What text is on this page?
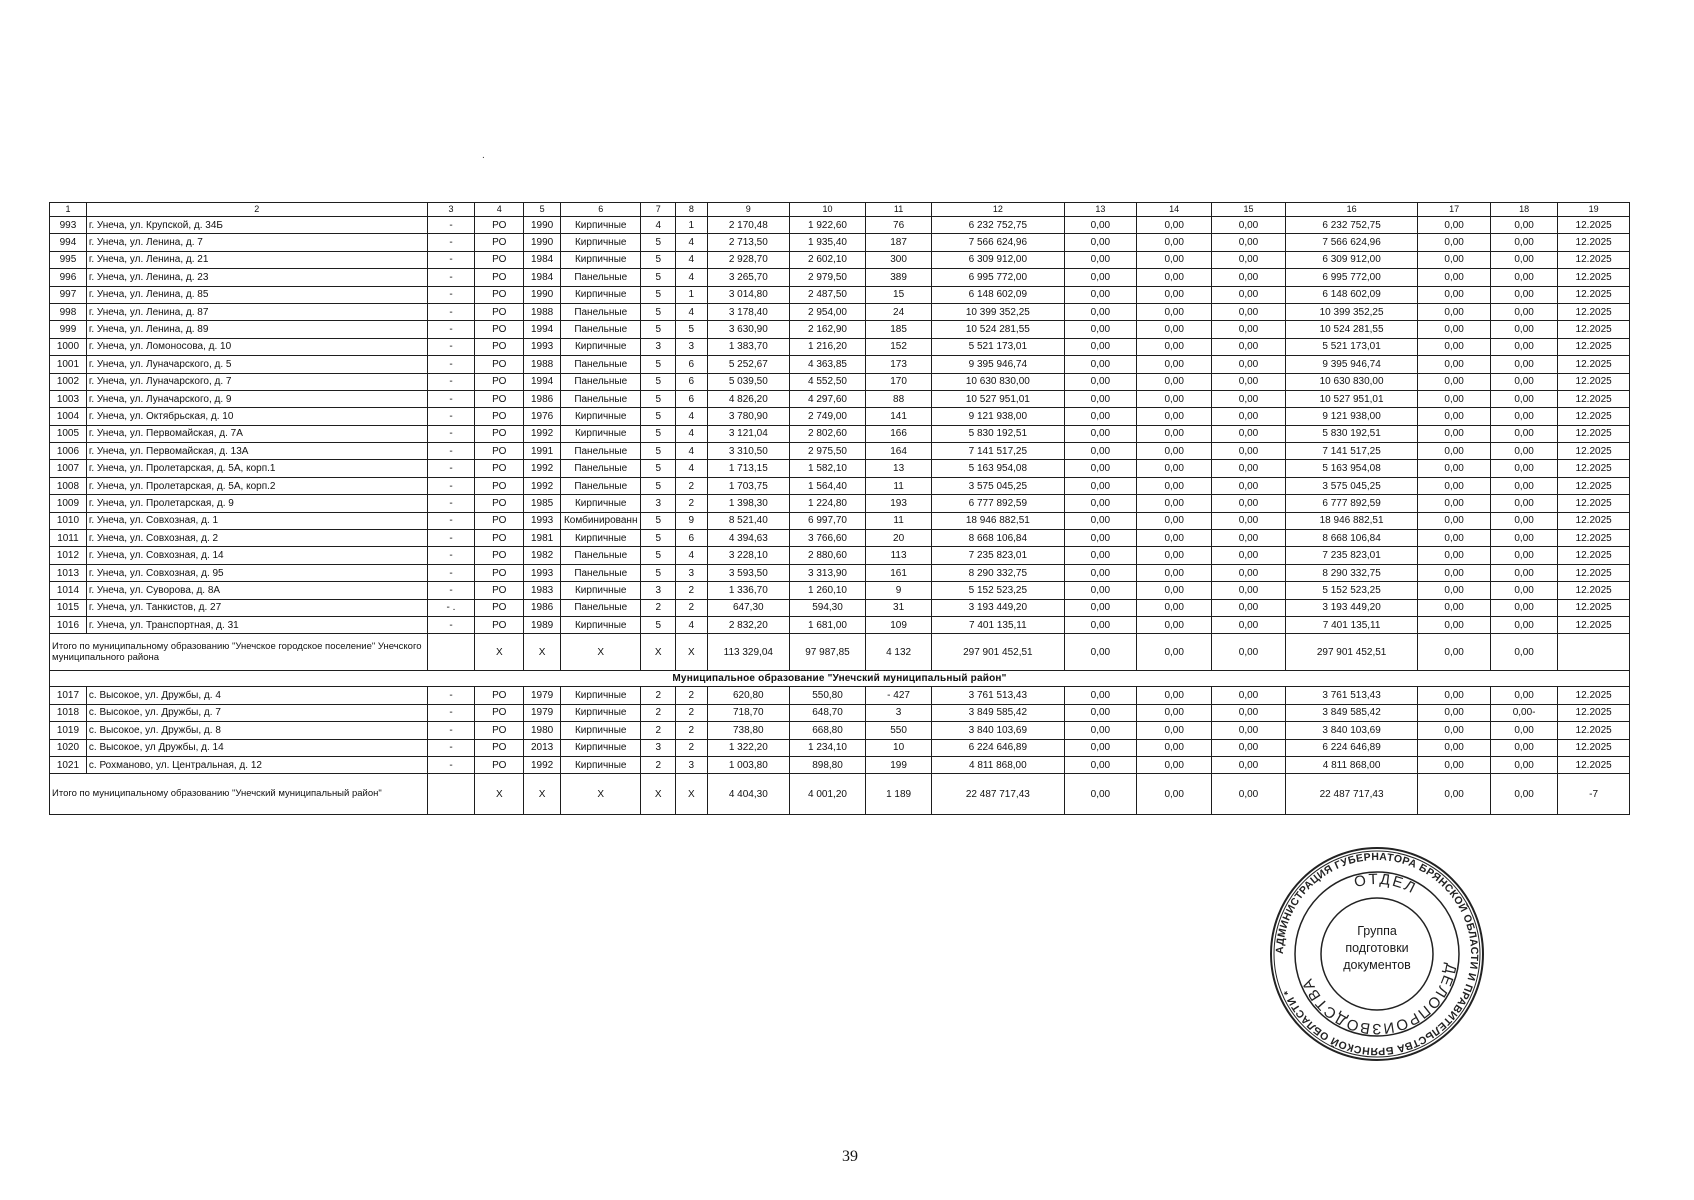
.
1	2	3	4	5	6	7	8	9	10	11	12	13	14	15	16	17	18	19
993	г. Унеча, ул. Крупской, д. 34Б	-	РО	1990	Кирпичные	4	1	2 170,48	1 922,60	76	6 232 752,75	0,00	0,00	0,00	6 232 752,75	0,00	0,00	12.2025
994	г. Унеча, ул. Ленина, д. 7	-	РО	1990	Кирпичные	5	4	2 713,50	1 935,40	187	7 566 624,96	0,00	0,00	0,00	7 566 624,96	0,00	0,00	12.2025
995	г. Унеча, ул. Ленина, д. 21	-	РО	1984	Кирпичные	5	4	2 928,70	2 602,10	300	6 309 912,00	0,00	0,00	0,00	6 309 912,00	0,00	0,00	12.2025
996	г. Унеча, ул. Ленина, д. 23	-	РО	1984	Панельные	5	4	3 265,70	2 979,50	389	6 995 772,00	0,00	0,00	0,00	6 995 772,00	0,00	0,00	12.2025
997	г. Унеча, ул. Ленина, д. 85	-	РО	1990	Кирпичные	5	1	3 014,80	2 487,50	15	6 148 602,09	0,00	0,00	0,00	6 148 602,09	0,00	0,00	12.2025
998	г. Унеча, ул. Ленина, д. 87	-	РО	1988	Панельные	5	4	3 178,40	2 954,00	24	10 399 352,25	0,00	0,00	0,00	10 399 352,25	0,00	0,00	12.2025
999	г. Унеча, ул. Ленина, д. 89	-	РО	1994	Панельные	5	5	3 630,90	2 162,90	185	10 524 281,55	0,00	0,00	0,00	10 524 281,55	0,00	0,00	12.2025
1000	г. Унеча, ул. Ломоносова, д. 10	-	РО	1993	Кирпичные	3	3	1 383,70	1 216,20	152	5 521 173,01	0,00	0,00	0,00	5 521 173,01	0,00	0,00	12.2025
1001	г. Унеча, ул. Луначарского, д. 5	-	РО	1988	Панельные	5	6	5 252,67	4 363,85	173	9 395 946,74	0,00	0,00	0,00	9 395 946,74	0,00	0,00	12.2025
1002	г. Унеча, ул. Луначарского, д. 7	-	РО	1994	Панельные	5	6	5 039,50	4 552,50	170	10 630 830,00	0,00	0,00	0,00	10 630 830,00	0,00	0,00	12.2025
1003	г. Унеча, ул. Луначарского, д. 9	-	РО	1986	Панельные	5	6	4 826,20	4 297,60	88	10 527 951,01	0,00	0,00	0,00	10 527 951,01	0,00	0,00	12.2025
1004	г. Унеча, ул. Октябрьская, д. 10	-	РО	1976	Кирпичные	5	4	3 780,90	2 749,00	141	9 121 938,00	0,00	0,00	0,00	9 121 938,00	0,00	0,00	12.2025
1005	г. Унеча, ул. Первомайская, д. 7А	-	РО	1992	Кирпичные	5	4	3 121,04	2 802,60	166	5 830 192,51	0,00	0,00	0,00	5 830 192,51	0,00	0,00	12.2025
1006	г. Унеча, ул. Первомайская, д. 13А	-	РО	1991	Панельные	5	4	3 310,50	2 975,50	164	7 141 517,25	0,00	0,00	0,00	7 141 517,25	0,00	0,00	12.2025
1007	г. Унеча, ул. Пролетарская, д. 5А, корп.1	-	РО	1992	Панельные	5	4	1 713,15	1 582,10	13	5 163 954,08	0,00	0,00	0,00	5 163 954,08	0,00	0,00	12.2025
1008	г. Унеча, ул. Пролетарская, д. 5А, корп.2	-	РО	1992	Панельные	5	2	1 703,75	1 564,40	11	3 575 045,25	0,00	0,00	0,00	3 575 045,25	0,00	0,00	12.2025
1009	г. Унеча, ул. Пролетарская, д. 9	-	РО	1985	Кирпичные	3	2	1 398,30	1 224,80	193	6 777 892,59	0,00	0,00	0,00	6 777 892,59	0,00	0,00	12.2025
1010	г. Унеча, ул. Совхозная, д. 1	-	РО	1993	Комбинированн	5	9	8 521,40	6 997,70	11	18 946 882,51	0,00	0,00	0,00	18 946 882,51	0,00	0,00	12.2025
1011	г. Унеча, ул. Совхозная, д. 2	-	РО	1981	Кирпичные	5	6	4 394,63	3 766,60	20	8 668 106,84	0,00	0,00	0,00	8 668 106,84	0,00	0,00	12.2025
1012	г. Унеча, ул. Совхозная, д. 14	-	РО	1982	Панельные	5	4	3 228,10	2 880,60	113	7 235 823,01	0,00	0,00	0,00	7 235 823,01	0,00	0,00	12.2025
1013	г. Унеча, ул. Совхозная, д. 95	-	РО	1993	Панельные	5	3	3 593,50	3 313,90	161	8 290 332,75	0,00	0,00	0,00	8 290 332,75	0,00	0,00	12.2025
1014	г. Унеча, ул. Суворова, д. 8А	-	РО	1983	Кирпичные	3	2	1 336,70	1 260,10	9	5 152 523,25	0,00	0,00	0,00	5 152 523,25	0,00	0,00	12.2025
1015	г. Унеча, ул. Танкистов, д. 27	- .	РО	1986	Панельные	2	2	647,30	594,30	31	3 193 449,20	0,00	0,00	0,00	3 193 449,20	0,00	0,00	12.2025
1016	г. Унеча, ул. Транспортная, д. 31	-	РО	1989	Кирпичные	5	4	2 832,20	1 681,00	109	7 401 135,11	0,00	0,00	0,00	7 401 135,11	0,00	0,00	12.2025
Итого по муниципальному образованию "Унечское городское поселение" Унечского муниципального района			X	X	X	X	X	113 329,04	97 987,85	4 132	297 901 452,51	0,00	0,00	0,00	297 901 452,51	0,00	0,00	
Муниципальное образование "Унечский муниципальный район"																		
1017	с. Высокое, ул. Дружбы, д. 4	-	РО	1979	Кирпичные	2	2	620,80	550,80	- 427	3 761 513,43	0,00	0,00	0,00	3 761 513,43	0,00	0,00	12.2025
1018	с. Высокое, ул. Дружбы, д. 7	-	РО	1979	Кирпичные	2	2	718,70	648,70	3	3 849 585,42	0,00	0,00	0,00	3 849 585,42	0,00	0,00-	12.2025
1019	с. Высокое, ул. Дружбы, д. 8	-	РО	1980	Кирпичные	2	2	738,80	668,80	550	3 840 103,69	0,00	0,00	0,00	3 840 103,69	0,00	0,00	12.2025
1020	с. Высокое, ул Дружбы, д. 14	-	РО	2013	Кирпичные	3	2	1 322,20	1 234,10	10	6 224 646,89	0,00	0,00	0,00	6 224 646,89	0,00	0,00	12.2025
1021	с. Рохманово, ул. Центральная, д. 12	-	РО	1992	Кирпичные	2	3	1 003,80	898,80	199	4 811 868,00	0,00	0,00	0,00	4 811 868,00	0,00	0,00	12.2025
Итого по муниципальному образованию "Унечский муниципальный район"			X	X	X	X	X	4 404,30	4 001,20	1 189	22 487 717,43	0,00	0,00	0,00	22 487 717,43	0,00	0,00	-7
АДМИНИСТРАЦИЯ ГУБЕРНАТОРА БРЯНСКОЙ ОБЛАСТИ И ПРАВИТЕЛЬСТВА БРЯНСКОЙ ОБЛАСТИ *
ОТДЕЛ
ДЕЛОПРОИЗВОДСТВА
Группа
подготовки
документов
39
